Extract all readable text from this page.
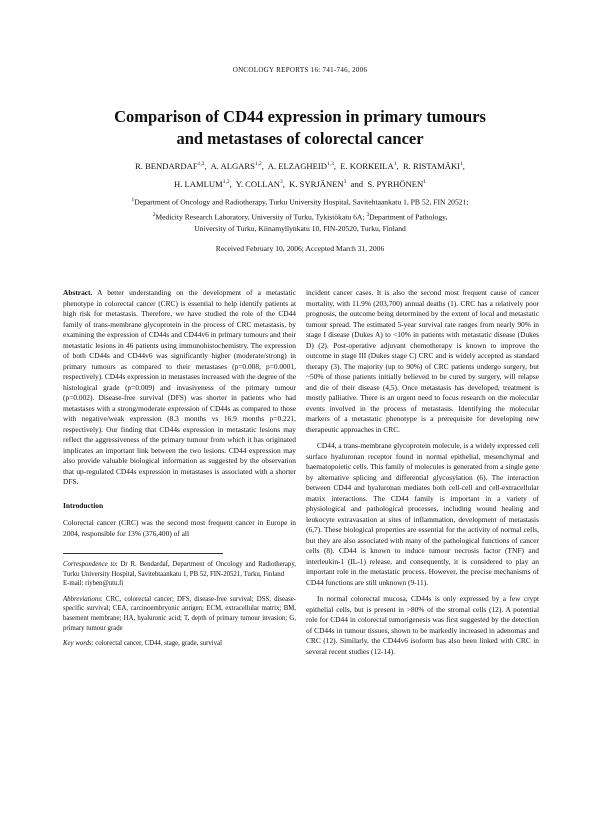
ONCOLOGY REPORTS 16: 741-746, 2006
Comparison of CD44 expression in primary tumours
and metastases of colorectal cancer
R. BENDARDAF$^{1,2}$,  A. ALGARS$^{1,2}$,  A. ELZAGHEID$^{1,3}$,  E. KORKEILA$^1$,  R. RISTAMÄKI$^1$,
H. LAMLUM$^{1,2}$,  Y. COLLAN$^3$,  K. SYRJÄNEN$^3$ and S. PYRHÖNEN$^1$
$^1$Department of Oncology and Radiotherapy, Turku University Hospital, Savitehtaankatu 1, PB 52, FIN 20521;
$^2$Medicity Research Laboratory, University of Turku, Tykistökatu 6A; $^3$Department of Pathology,
University of Turku, Kiinamyllynkatu 10, FIN-20520, Turku, Finland
Received February 10, 2006; Accepted March 31, 2006

Abstract. A better understanding on the development of a metastatic phenotype in colorectal cancer (CRC) is essential to help identify patients at high risk for metastasis. Therefore, we have studied the role of the CD44 family of trans-membrane glycoprotein in the process of CRC metastasis, by examining the expression of CD44s and CD44v6 in primary tumours and their metastatic lesions in 46 patients using immunohistochemistry. The expression of both CD44s and CD44v6 was significantly higher (moderate/strong) in primary tumours as compared to their metastases (p=0.008, p=0.0001, respectively). CD44s expression in metastases increased with the degree of the histological grade (p=0.009) and invasiveness of the primary tumour (p=0.002). Disease-free survival (DFS) was shorter in patients who had metastases with a strong/moderate expression of CD44s as compared to those with negative/weak expression (8.3 months vs 16.9 months p=0.221, respectively). Our finding that CD44s expression in metastatic lesions may reflect the aggressiveness of the primary tumour from which it has originated implicates an important link between the two lesions. CD44 expression may also provide valuable biological information as suggested by the observation that up-regulated CD44s expression in metastases is associated with a shorter DFS.

Introduction

Colorectal cancer (CRC) was the second most frequent cancer in Europe in 2004, responsible for 13% (376,400) of all

Correspondence to: Dr R. Bendardaf, Department of Oncology and Radiotherapy, Turku University Hospital, Savitehtaankatu 1, PB 52, FIN-20521, Turku, Finland

E-mail: riyben@utu.fi

Abbreviations: CRC, colorectal cancer; DFS, disease-free survival; DSS, disease-specific survival; CEA, carcinoembryonic antigen; ECM, extracellular matrix; BM, basement membrane; HA, hyaluronic acid; T, depth of primary tumour invasion; G, primary tumour grade

Key words: colorectal cancer, CD44, stage, grade, survival

incident cancer cases. It is also the second most frequent cause of cancer mortality, with 11.9% (203,700) annual deaths (1). CRC has a relatively poor prognosis, the outcome being determined by the extent of local and metastatic tumour spread. The estimated 5-year survival rate ranges from nearly 90% in stage I disease (Dukes A) to <10% in patients with metastatic disease (Dukes D) (2). Post-operative adjuvant chemotherapy is known to improve the outcome in stage III (Dukes stage C) CRC and is widely accepted as standard therapy (3). The majority (up to 90%) of CRC patients undergo surgery, but ~50% of those patients initially believed to be cured by surgery, will relapse and die of their disease (4,5). Once metastasis has developed, treatment is mostly palliative. There is an urgent need to focus research on the molecular events involved in the process of metastasis. Identifying the molecular markers of a metastatic phenotype is a prerequisite for developing new therapeutic approaches in CRC.

CD44, a trans-membrane glycoprotein molecule, is a widely expressed cell surface hyaluronan receptor found in normal epithelial, mesenchymal and haematopoietic cells. This family of molecules is generated from a single gene by alternative splicing and differential glycosylation (6). The interaction between CD44 and hyaluronan mediates both cell-cell and cell-extracellular matrix interactions. The CD44 family is important in a variety of physiological and pathological processes, including wound healing and leukocyte extravasation at sites of inflammation, development of metastasis (6,7). These biological properties are essential for the activity of normal cells, but they are also associated with many of the pathological functions of cancer cells (8). CD44 is known to induce tumour necrosis factor (TNF) and interleukin-1 (IL-1) release, and consequently, it is considered to play an important role in the metastatic process. However, the precise mechanisms of CD44 functions are still unknown (9-11).

In normal colorectal mucosa, CD44s is only expressed by a few crypt epithelial cells, but is present in >80% of the stromal cells (12). A potential role for CD44 in colorectal tumorigenesis was first suggested by the detection of CD44s in tumour tissues, shown to be markedly increased in adenomas and CRC (12). Similarly, the CD44v6 isoform has also been linked with CRC in several recent studies (12-14).
